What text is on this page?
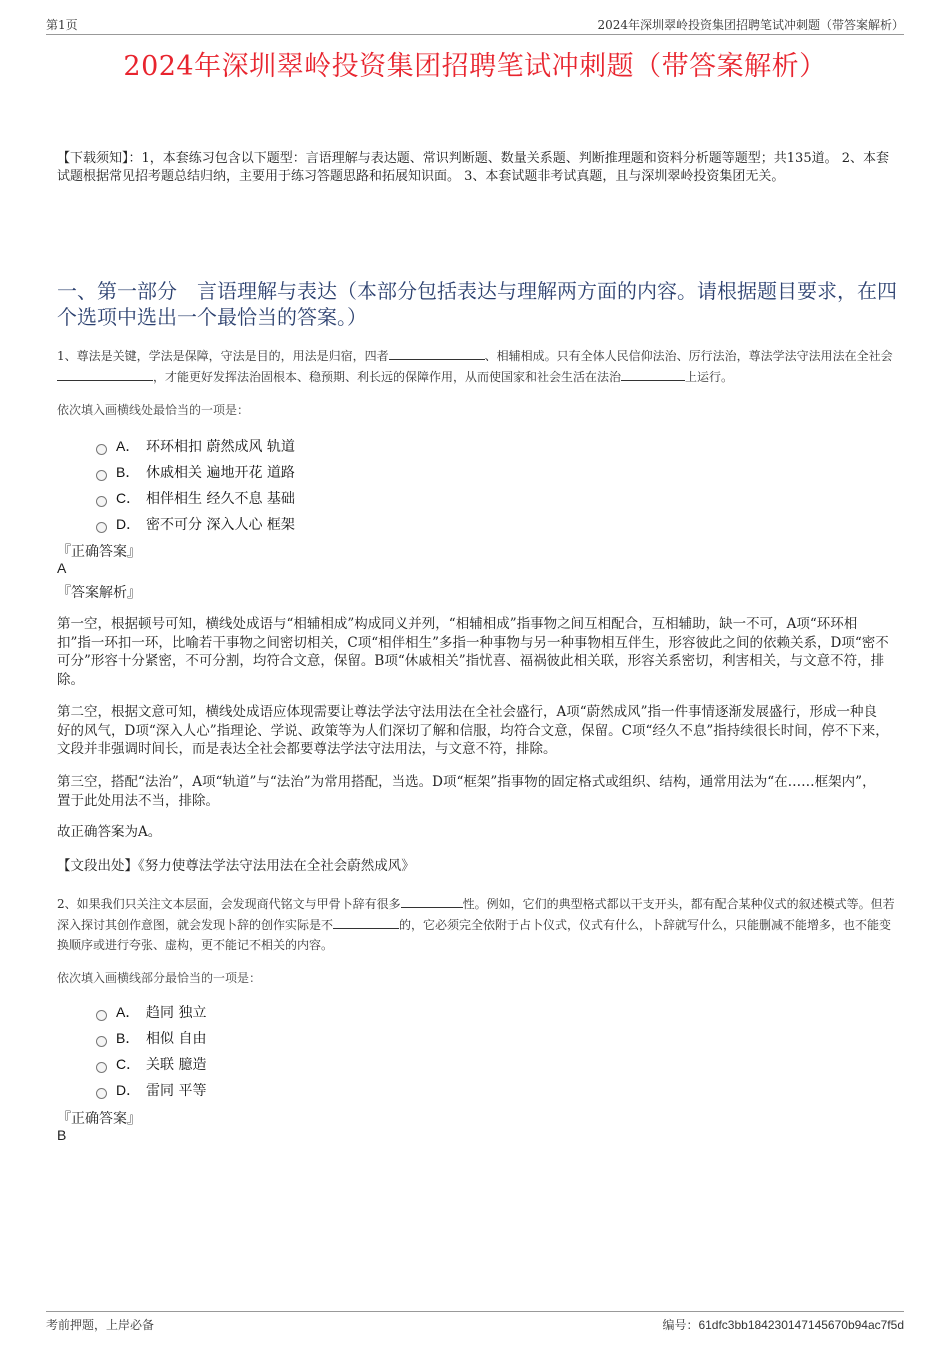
第1页	2024年深圳翠岭投资集团招聘笔试冲刺题（带答案解析）
2024年深圳翠岭投资集团招聘笔试冲刺题（带答案解析）
【下载须知】：1，本套练习包含以下题型：言语理解与表达题、常识判断题、数量关系题、判断推理题和资料分析题等题型；共135道。 2、本套试题根据常见招考题总结归纳，主要用于练习答题思路和拓展知识面。 3、本套试题非考试真题，且与深圳翠岭投资集团无关。
一、第一部分　言语理解与表达（本部分包括表达与理解两方面的内容。请根据题目要求，在四个选项中选出一个最恰当的答案。）
1、尊法是关键，学法是保障，守法是目的，用法是归宿，四者	、相辅相成。只有全体人民信仰法治、厉行法治，尊法学法守法用法在全社会，才能更好发挥法治固根本、稳预期、利长远的保障作用，从而使国家和社会生活在法治	上运行。
依次填入画横线处最恰当的一项是：
A． 环环相扣 蔚然成风 轨道
B． 休戚相关 遍地开花 道路
C． 相伴相生 经久不息 基础
D． 密不可分 深入人心 框架
『正确答案』
A
『答案解析』
第一空，根据顿号可知，横线处成语与“相辅相成”构成同义并列，“相辅相成”指事物之间互相配合，互相辅助，缺一不可，A项“环环相扣”指一环扣一环，比喻若干事物之间密切相关，C项“相伴相生”多指一种事物与另一种事物相互伴生，形容彼此之间的依赖关系，D项“密不可分”形容十分紧密，不可分割，均符合文意，保留。B项“休戚相关”指忧喜、福祸彼此相关联，形容关系密切，利害相关，与文意不符，排除。
第二空，根据文意可知，横线处成语应体现需要让尊法学法守法用法在全社会盛行，A项“蔚然成风”指一件事情逐渐发展盛行，形成一种良好的风气，D项“深入人心”指理论、学说、政策等为人们深切了解和信服，均符合文意，保留。C项“经久不息”指持续很长时间，停不下来，文段并非强调时间长，而是表达全社会都要尊法学法守法用法，与文意不符，排除。
第三空，搭配“法治”，A项“轨道”与“法治”为常用搭配，当选。D项“框架”指事物的固定格式或组织、结构，通常用法为“在……框架内”，置于此处用法不当，排除。
故正确答案为A。
【文段出处】《努力使尊法学法守法用法在全社会蔚然成风》
2、如果我们只关注文本层面，会发现商代铭文与甲骨卜辞有很多	性。例如，它们的典型格式都以干支开头，都有配合某种仪式的叙述模式等。但若深入探讨其创作意图，就会发现卜辞的创作实际是不	的，它必须完全依附于占卜仪式，仪式有什么，卜辞就写什么，只能删减不能增多，也不能变换顺序或进行夸张、虚构，更不能记不相关的内容。
依次填入画横线部分最恰当的一项是：
A． 趋同 独立
B． 相似 自由
C． 关联 臆造
D． 雷同 平等
『正确答案』
B
考前押题，上岸必备	编号：61dfc3bb184230147145670b94ac7f5d
